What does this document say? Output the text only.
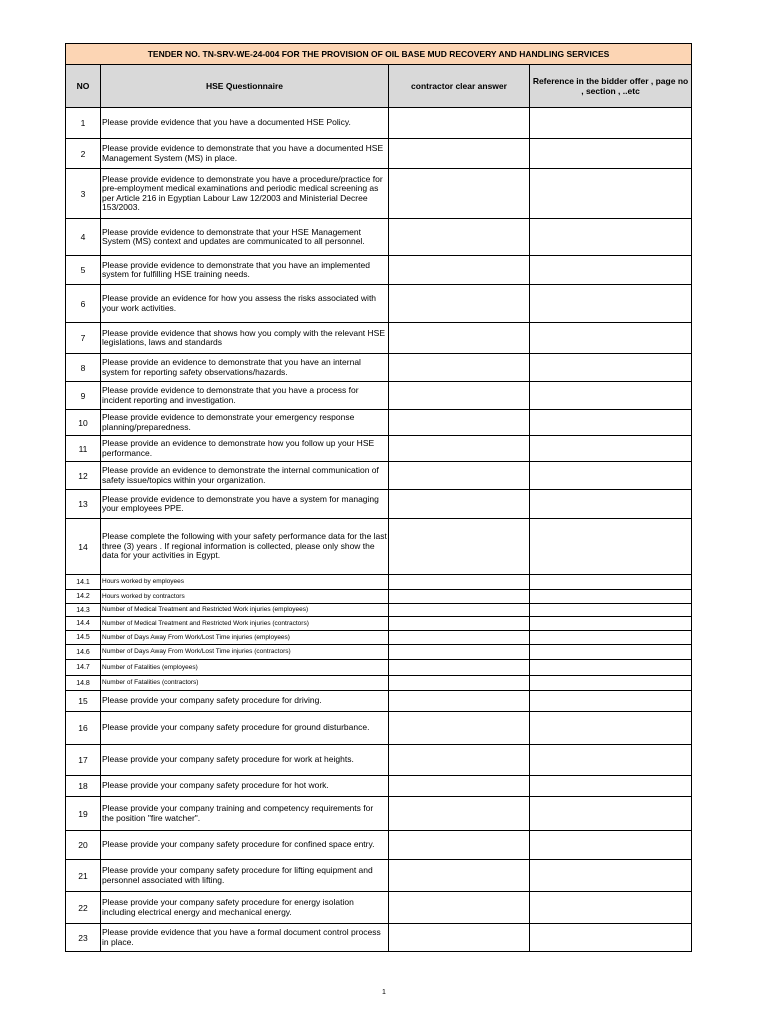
TENDER NO. TN-SRV-WE-24-004 FOR THE PROVISION OF OIL BASE MUD RECOVERY AND HANDLING SERVICES			
NO	HSE Questionnaire	contractor clear answer	Reference in the bidder offer , page no , section , ..etc
1	Please provide evidence that you have a documented HSE Policy.		
2	Please provide evidence to demonstrate that you have a documented HSE Management System (MS) in place.		
3	Please provide evidence to demonstrate you have a procedure/practice for pre-employment medical examinations and periodic medical screening as per Article 216 in Egyptian Labour Law 12/2003 and Ministerial Decree 153/2003.		
4	Please provide evidence to demonstrate that your HSE Management System (MS) context and updates are communicated to all personnel.		
5	Please provide evidence to demonstrate that you have an implemented system for fulfilling HSE training needs.		
6	Please provide an evidence for how you assess the risks associated with your work activities.		
7	Please provide evidence that shows how you comply with the relevant HSE legislations, laws and standards		
8	Please provide an evidence to demonstrate that you have an internal system for reporting safety observations/hazards.		
9	Please provide evidence to demonstrate that you have a process for incident reporting and investigation.		
10	Please provide evidence to demonstrate your emergency response planning/preparedness.		
11	Please provide an evidence to demonstrate how you follow up your HSE performance.		
12	Please provide an evidence to demonstrate the internal communication of safety issue/topics within your organization.		
13	Please provide evidence to demonstrate you have a system for managing your employees PPE.		
14	Please complete the following with your safety performance data for the last three (3) years . If regional information is collected, please only show the data for your activities in Egypt.		
14.1	Hours worked by employees		
14.2	Hours worked by contractors		
14.3	Number of Medical Treatment and Restricted Work injuries (employees)		
14.4	Number of Medical Treatment and Restricted Work injuries (contractors)		
14.5	Number of Days Away From Work/Lost Time injuries (employees)		
14.6	Number of Days Away From Work/Lost Time injuries (contractors)		
14.7	Number of Fatalities (employees)		
14.8	Number of Fatalities (contractors)		
15	Please provide your company safety procedure for driving.		
16	Please provide your company safety procedure for ground disturbance.		
17	Please provide your company safety procedure for work at heights.		
18	Please provide your company safety procedure for hot work.		
19	Please provide your company training and competency requirements for the position "fire watcher".		
20	Please provide your company safety procedure for confined space entry.		
21	Please provide your company safety procedure for lifting equipment and personnel associated with lifting.		
22	Please provide your company safety procedure for energy isolation including electrical energy and mechanical energy.		
23	Please provide evidence that you have a formal document control process in place.		
1
